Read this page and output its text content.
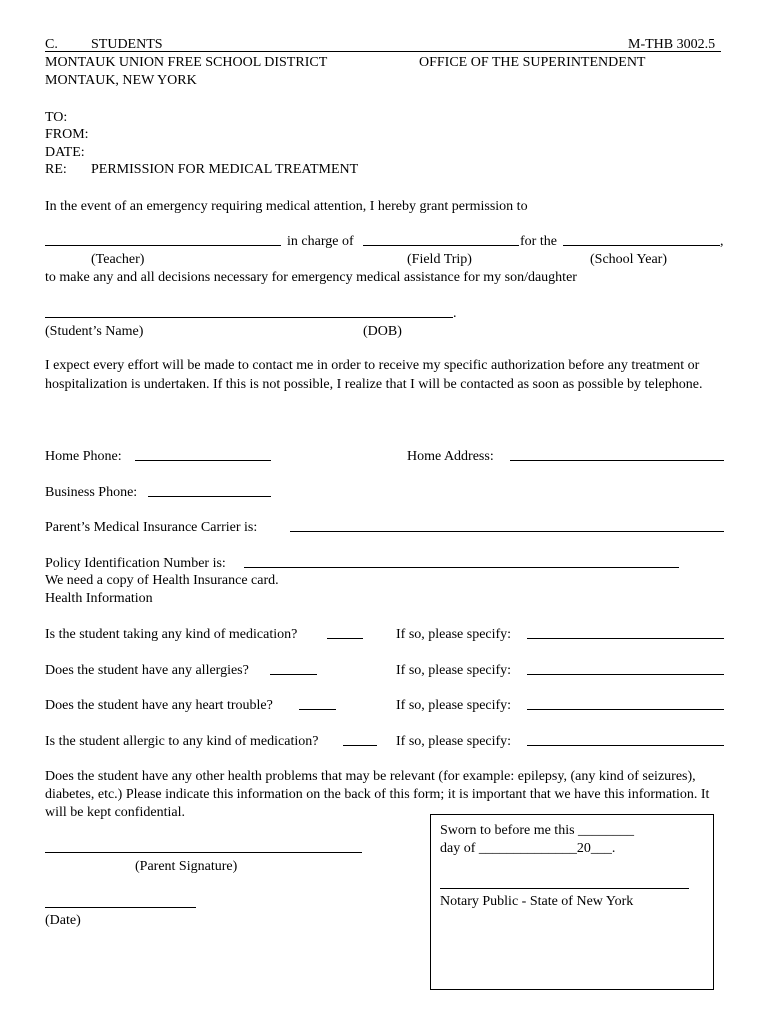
C. STUDENTS	M-THB 3002.5
MONTAUK UNION FREE SCHOOL DISTRICT	OFFICE OF THE SUPERINTENDENT
MONTAUK, NEW YORK
TO:
FROM:
DATE:
RE: PERMISSION FOR MEDICAL TREATMENT
In the event of an emergency requiring medical attention, I hereby grant permission to
in charge of	for the	,
(Teacher)	(Field Trip)	(School Year)
to make any and all decisions necessary for emergency medical assistance for my son/daughter
.
(Student’s Name)	(DOB)
I expect every effort will be made to contact me in order to receive my specific authorization before any treatment or hospitalization is undertaken. If this is not possible, I realize that I will be contacted as soon as possible by telephone.
Home Phone:	Home Address:
Business Phone:
Parent’s Medical Insurance Carrier is:
Policy Identification Number is:
We need a copy of Health Insurance card.
Health Information
Is the student taking any kind of medication?	If so, please specify:
Does the student have any allergies?	If so, please specify:
Does the student have any heart trouble?	If so, please specify:
Is the student allergic to any kind of medication?	If so, please specify:
Does the student have any other health problems that may be relevant (for example: epilepsy, (any kind of seizures), diabetes, etc.) Please indicate this information on the back of this form; it is important that we have this information. It will be kept confidential.
(Parent Signature)
(Date)
Sworn to before me this ________
day of ______________20___.
Notary Public - State of New York
